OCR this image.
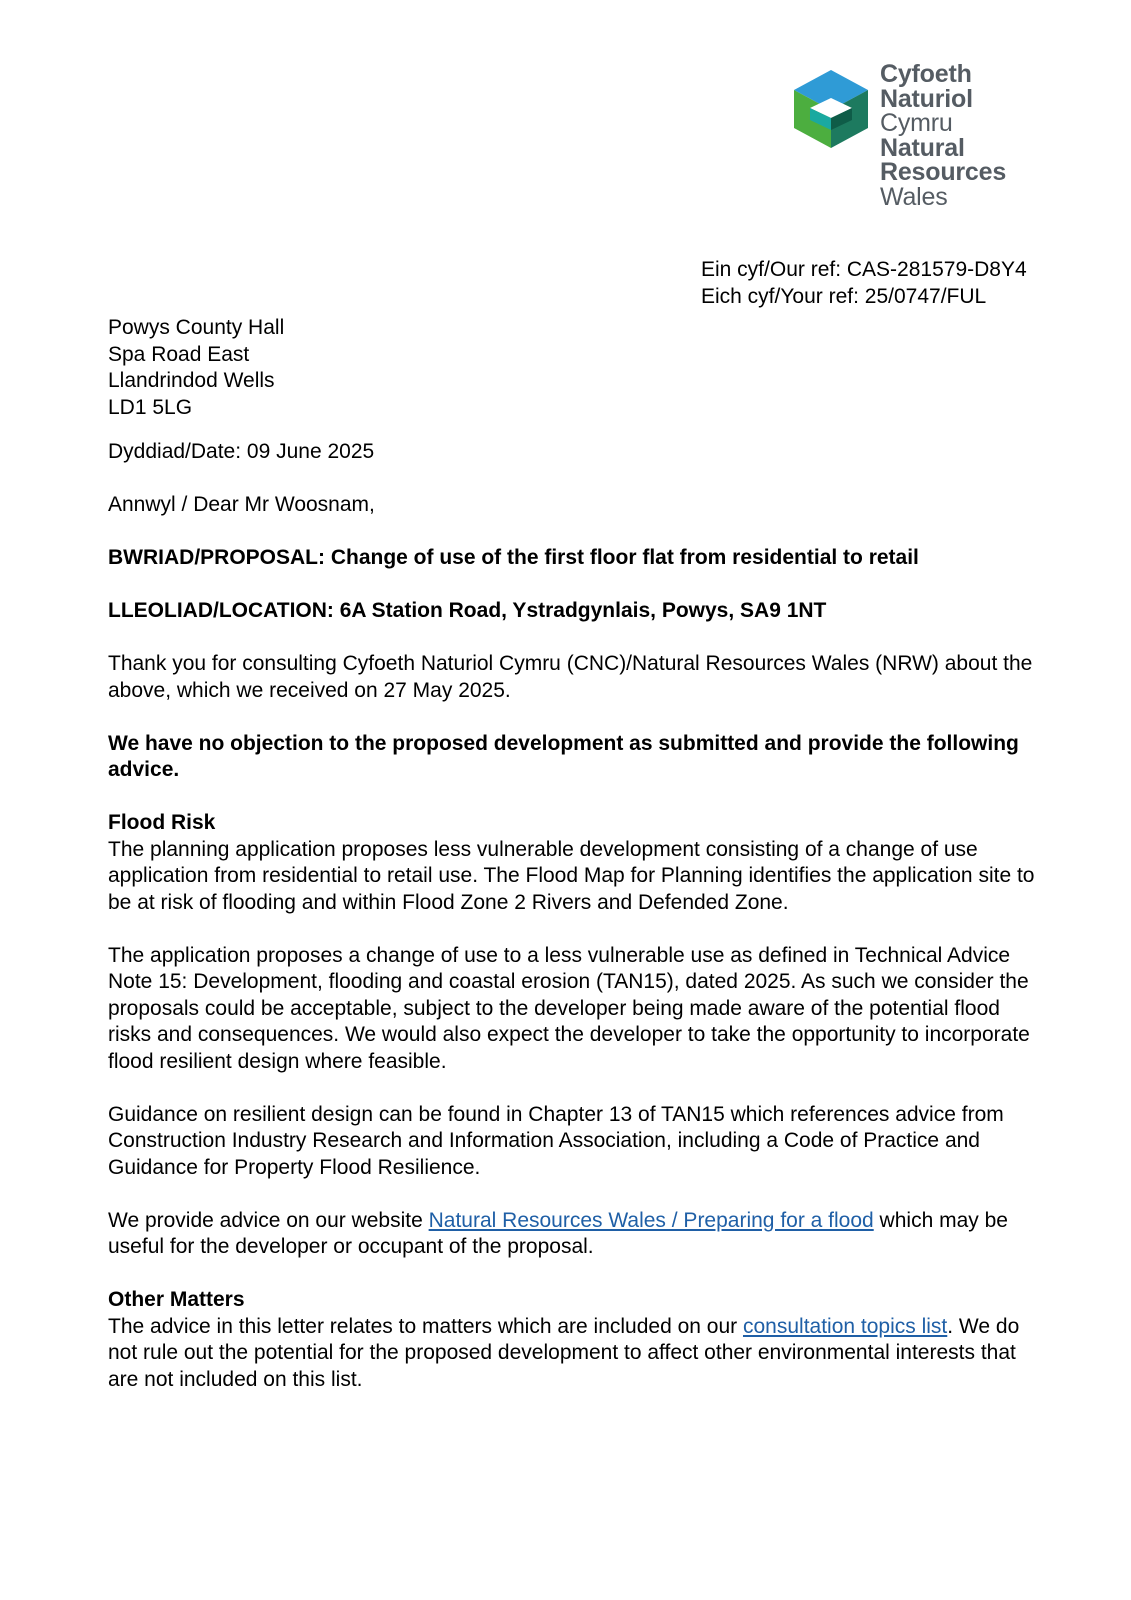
Cyfoeth
Naturiol
Cymru
Natural
Resources
Wales
Ein cyf/Our ref: CAS-281579-D8Y4
Eich cyf/Your ref: 25/0747/FUL

Powys County Hall
Spa Road East
Llandrindod Wells
LD1 5LG

Dyddiad/Date: 09 June 2025

Annwyl / Dear Mr Woosnam,

BWRIAD/PROPOSAL: Change of use of the first floor flat from residential to retail

LLEOLIAD/LOCATION: 6A Station Road, Ystradgynlais, Powys, SA9 1NT

Thank you for consulting Cyfoeth Naturiol Cymru (CNC)/Natural Resources Wales (NRW) about the above, which we received on 27 May 2025.

We have no objection to the proposed development as submitted and provide the following advice.

Flood Risk

The planning application proposes less vulnerable development consisting of a change of use application from residential to retail use. The Flood Map for Planning identifies the application site to be at risk of flooding and within Flood Zone 2 Rivers and Defended Zone.

The application proposes a change of use to a less vulnerable use as defined in Technical Advice Note 15: Development, flooding and coastal erosion (TAN15), dated 2025. As such we consider the proposals could be acceptable, subject to the developer being made aware of the potential flood risks and consequences. We would also expect the developer to take the opportunity to incorporate flood resilient design where feasible.

Guidance on resilient design can be found in Chapter 13 of TAN15 which references advice from Construction Industry Research and Information Association, including a Code of Practice and Guidance for Property Flood Resilience.

We provide advice on our website Natural Resources Wales / Preparing for a flood which may be useful for the developer or occupant of the proposal.

Other Matters

The advice in this letter relates to matters which are included on our consultation topics list. We do not rule out the potential for the proposed development to affect other environmental interests that are not included on this list.
